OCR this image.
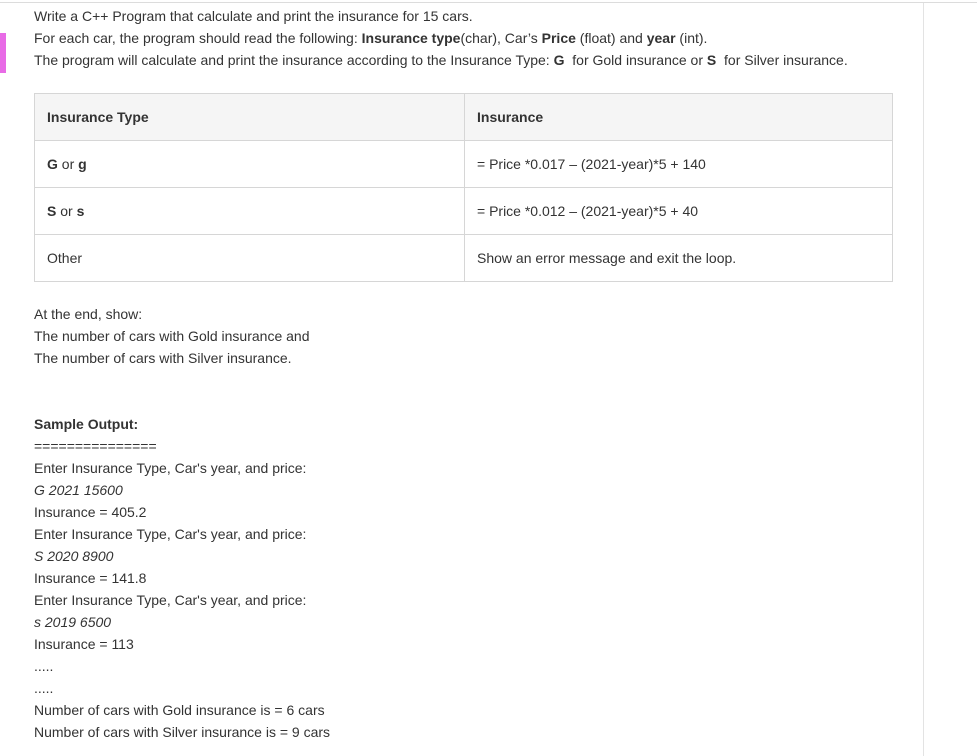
Write a C++ Program that calculate and print the insurance for 15 cars.
For each car, the program should read the following: Insurance type(char), Car’s Price (float) and year (int).
The program will calculate and print the insurance according to the Insurance Type: G  for Gold insurance or S  for Silver insurance.
Insurance Type	Insurance
G or g	= Price *0.017 – (2021-year)*5 + 140
S or s	= Price *0.012 – (2021-year)*5 + 40
Other	Show an error message and exit the loop.
At the end, show:
The number of cars with Gold insurance and
The number of cars with Silver insurance.
Sample Output:
===============
Enter Insurance Type, Car's year, and price:
G 2021 15600
Insurance = 405.2
Enter Insurance Type, Car's year, and price:
S 2020 8900
Insurance = 141.8
Enter Insurance Type, Car's year, and price:
s 2019 6500
Insurance = 113
.....
.....
Number of cars with Gold insurance is = 6 cars
Number of cars with Silver insurance is = 9 cars
